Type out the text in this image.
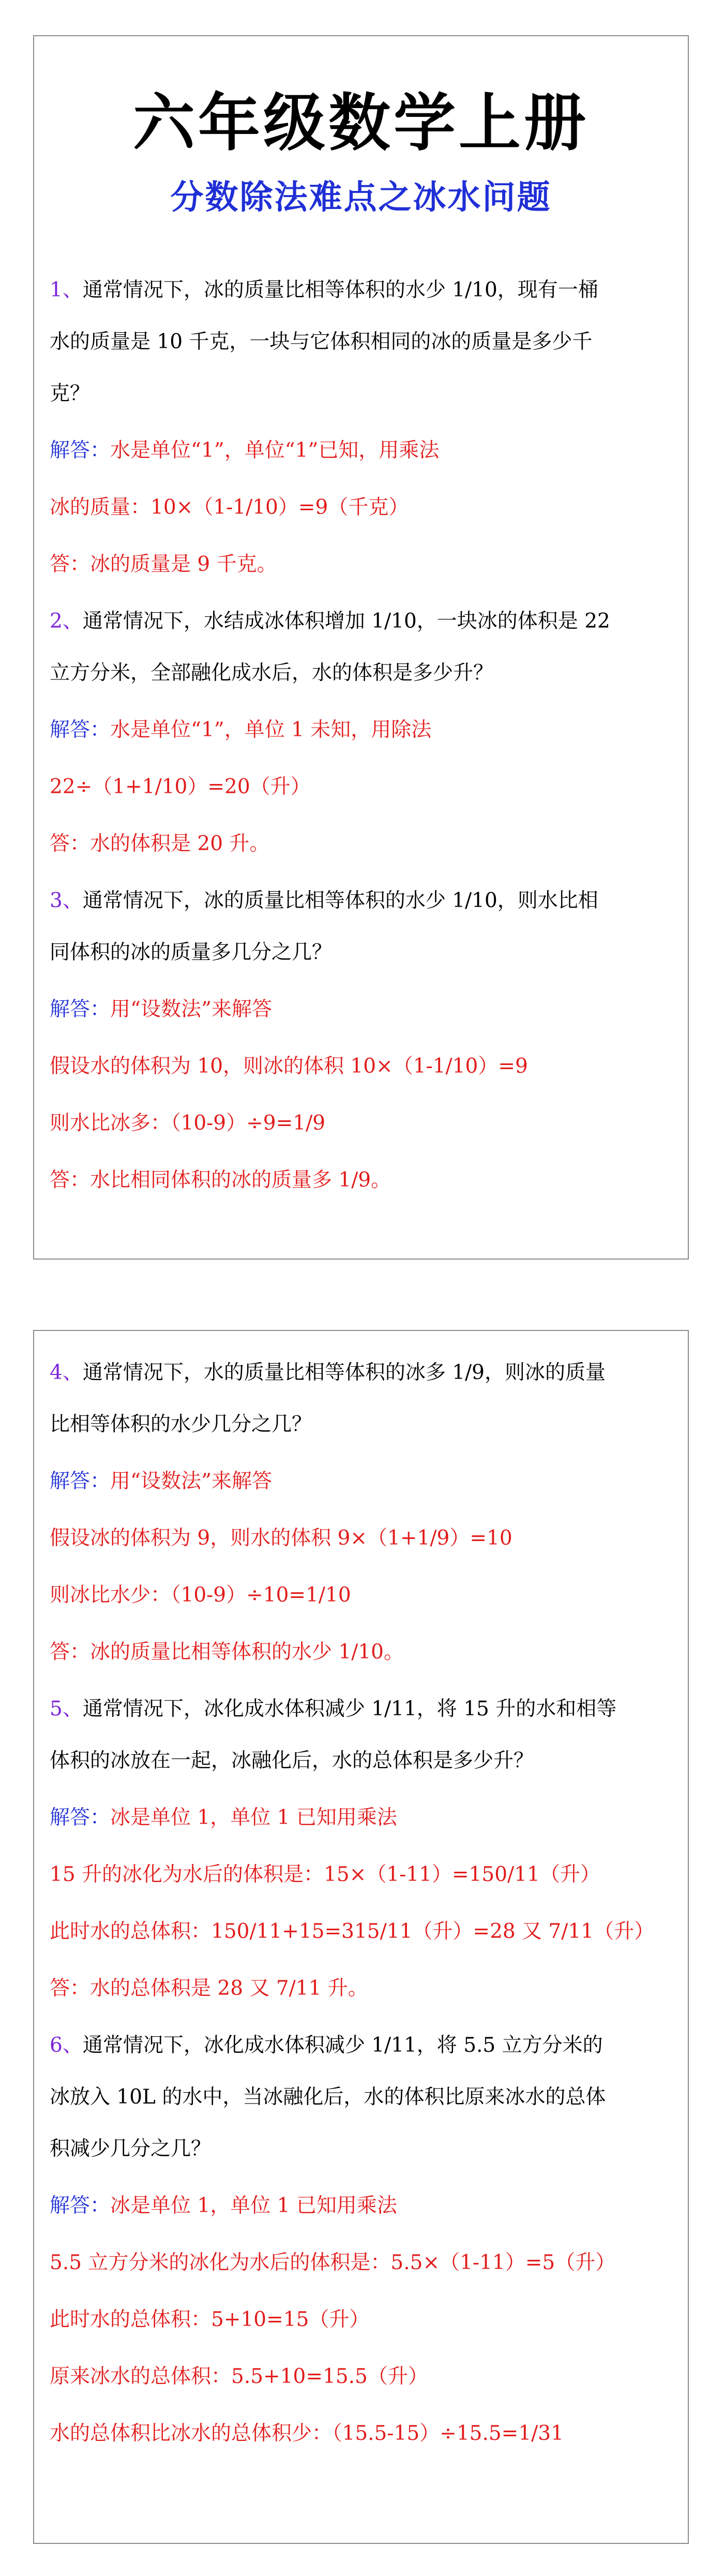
六年级数学上册
分数除法难点之冰水问题
1、通常情况下，冰的质量比相等体积的水少 1/10，现有一桶
水的质量是 10 千克，一块与它体积相同的冰的质量是多少千
克？
解答：水是单位“1”，单位“1”已知，用乘法
冰的质量：10×（1-1/10）=9（千克）
答：冰的质量是 9 千克。
2、通常情况下，水结成冰体积增加 1/10，一块冰的体积是 22
立方分米，全部融化成水后，水的体积是多少升？
解答：水是单位“1”，单位 1 未知，用除法
22÷（1+1/10）=20（升）
答：水的体积是 20 升。
3、通常情况下，冰的质量比相等体积的水少 1/10，则水比相
同体积的冰的质量多几分之几？
解答：用“设数法”来解答
假设水的体积为 10，则冰的体积 10×（1-1/10）=9
则水比冰多：（10-9）÷9=1/9
答：水比相同体积的冰的质量多 1/9。
4、通常情况下，水的质量比相等体积的冰多 1/9，则冰的质量
比相等体积的水少几分之几？
解答：用“设数法”来解答
假设冰的体积为 9，则水的体积 9×（1+1/9）=10
则冰比水少：（10-9）÷10=1/10
答：冰的质量比相等体积的水少 1/10。
5、通常情况下，冰化成水体积减少 1/11，将 15 升的水和相等
体积的冰放在一起，冰融化后，水的总体积是多少升？
解答：冰是单位 1，单位 1 已知用乘法
15 升的冰化为水后的体积是：15×（1-11）=150/11（升）
此时水的总体积：150/11+15=315/11（升）=28 又 7/11（升）
答：水的总体积是 28 又 7/11 升。
6、通常情况下，冰化成水体积减少 1/11，将 5.5 立方分米的
冰放入 10L 的水中，当冰融化后，水的体积比原来冰水的总体
积减少几分之几？
解答：冰是单位 1，单位 1 已知用乘法
5.5 立方分米的冰化为水后的体积是：5.5×（1-11）=5（升）
此时水的总体积：5+10=15（升）
原来冰水的总体积：5.5+10=15.5（升）
水的总体积比冰水的总体积少：（15.5-15）÷15.5=1/31
